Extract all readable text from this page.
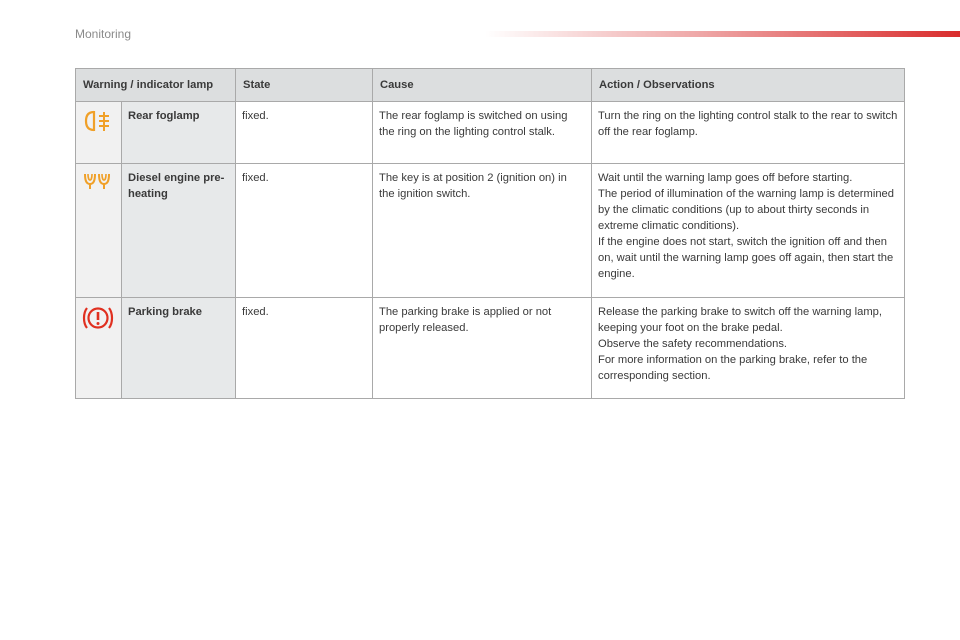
Monitoring
Warning / indicator lamp		State	Cause	Action / Observations
	Rear foglamp	fixed.	The rear foglamp is switched on using the ring on the lighting control stalk.	Turn the ring on the lighting control stalk to the rear to switch off the rear foglamp.

	Diesel engine pre-heating	fixed.	The key is at position 2 (ignition on) in the ignition switch.	Wait until the warning lamp goes off before starting.
The period of illumination of the warning lamp is determined by the climatic conditions (up to about thirty seconds in extreme climatic conditions).
If the engine does not start, switch the ignition off and then on, wait until the warning lamp goes off again, then start the engine.

	Parking brake	fixed.	The parking brake is applied or not properly released.	Release the parking brake to switch off the warning lamp, keeping your foot on the brake pedal.
Observe the safety recommendations.
For more information on the parking brake, refer to the corresponding section.
